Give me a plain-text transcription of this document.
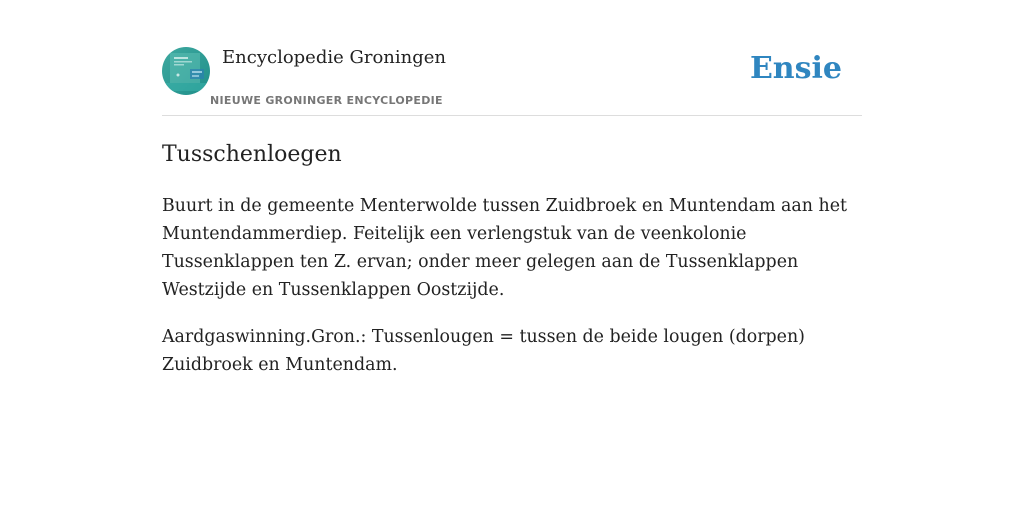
Encyclopedie Groningen
NIEUWE GRONINGER ENCYCLOPEDIE
Ensie
Tusschenloegen

Buurt in de gemeente Menterwolde tussen Zuidbroek en Muntendam aan het Muntendammerdiep. Feitelijk een verlengstuk van de veenkolonie Tussenklappen ten Z. ervan; onder meer gelegen aan de Tussenklappen Westzijde en Tussenklappen Oostzijde.

Aardgaswinning.Gron.: Tussenlougen = tussen de beide lougen (dorpen) Zuidbroek en Muntendam.
